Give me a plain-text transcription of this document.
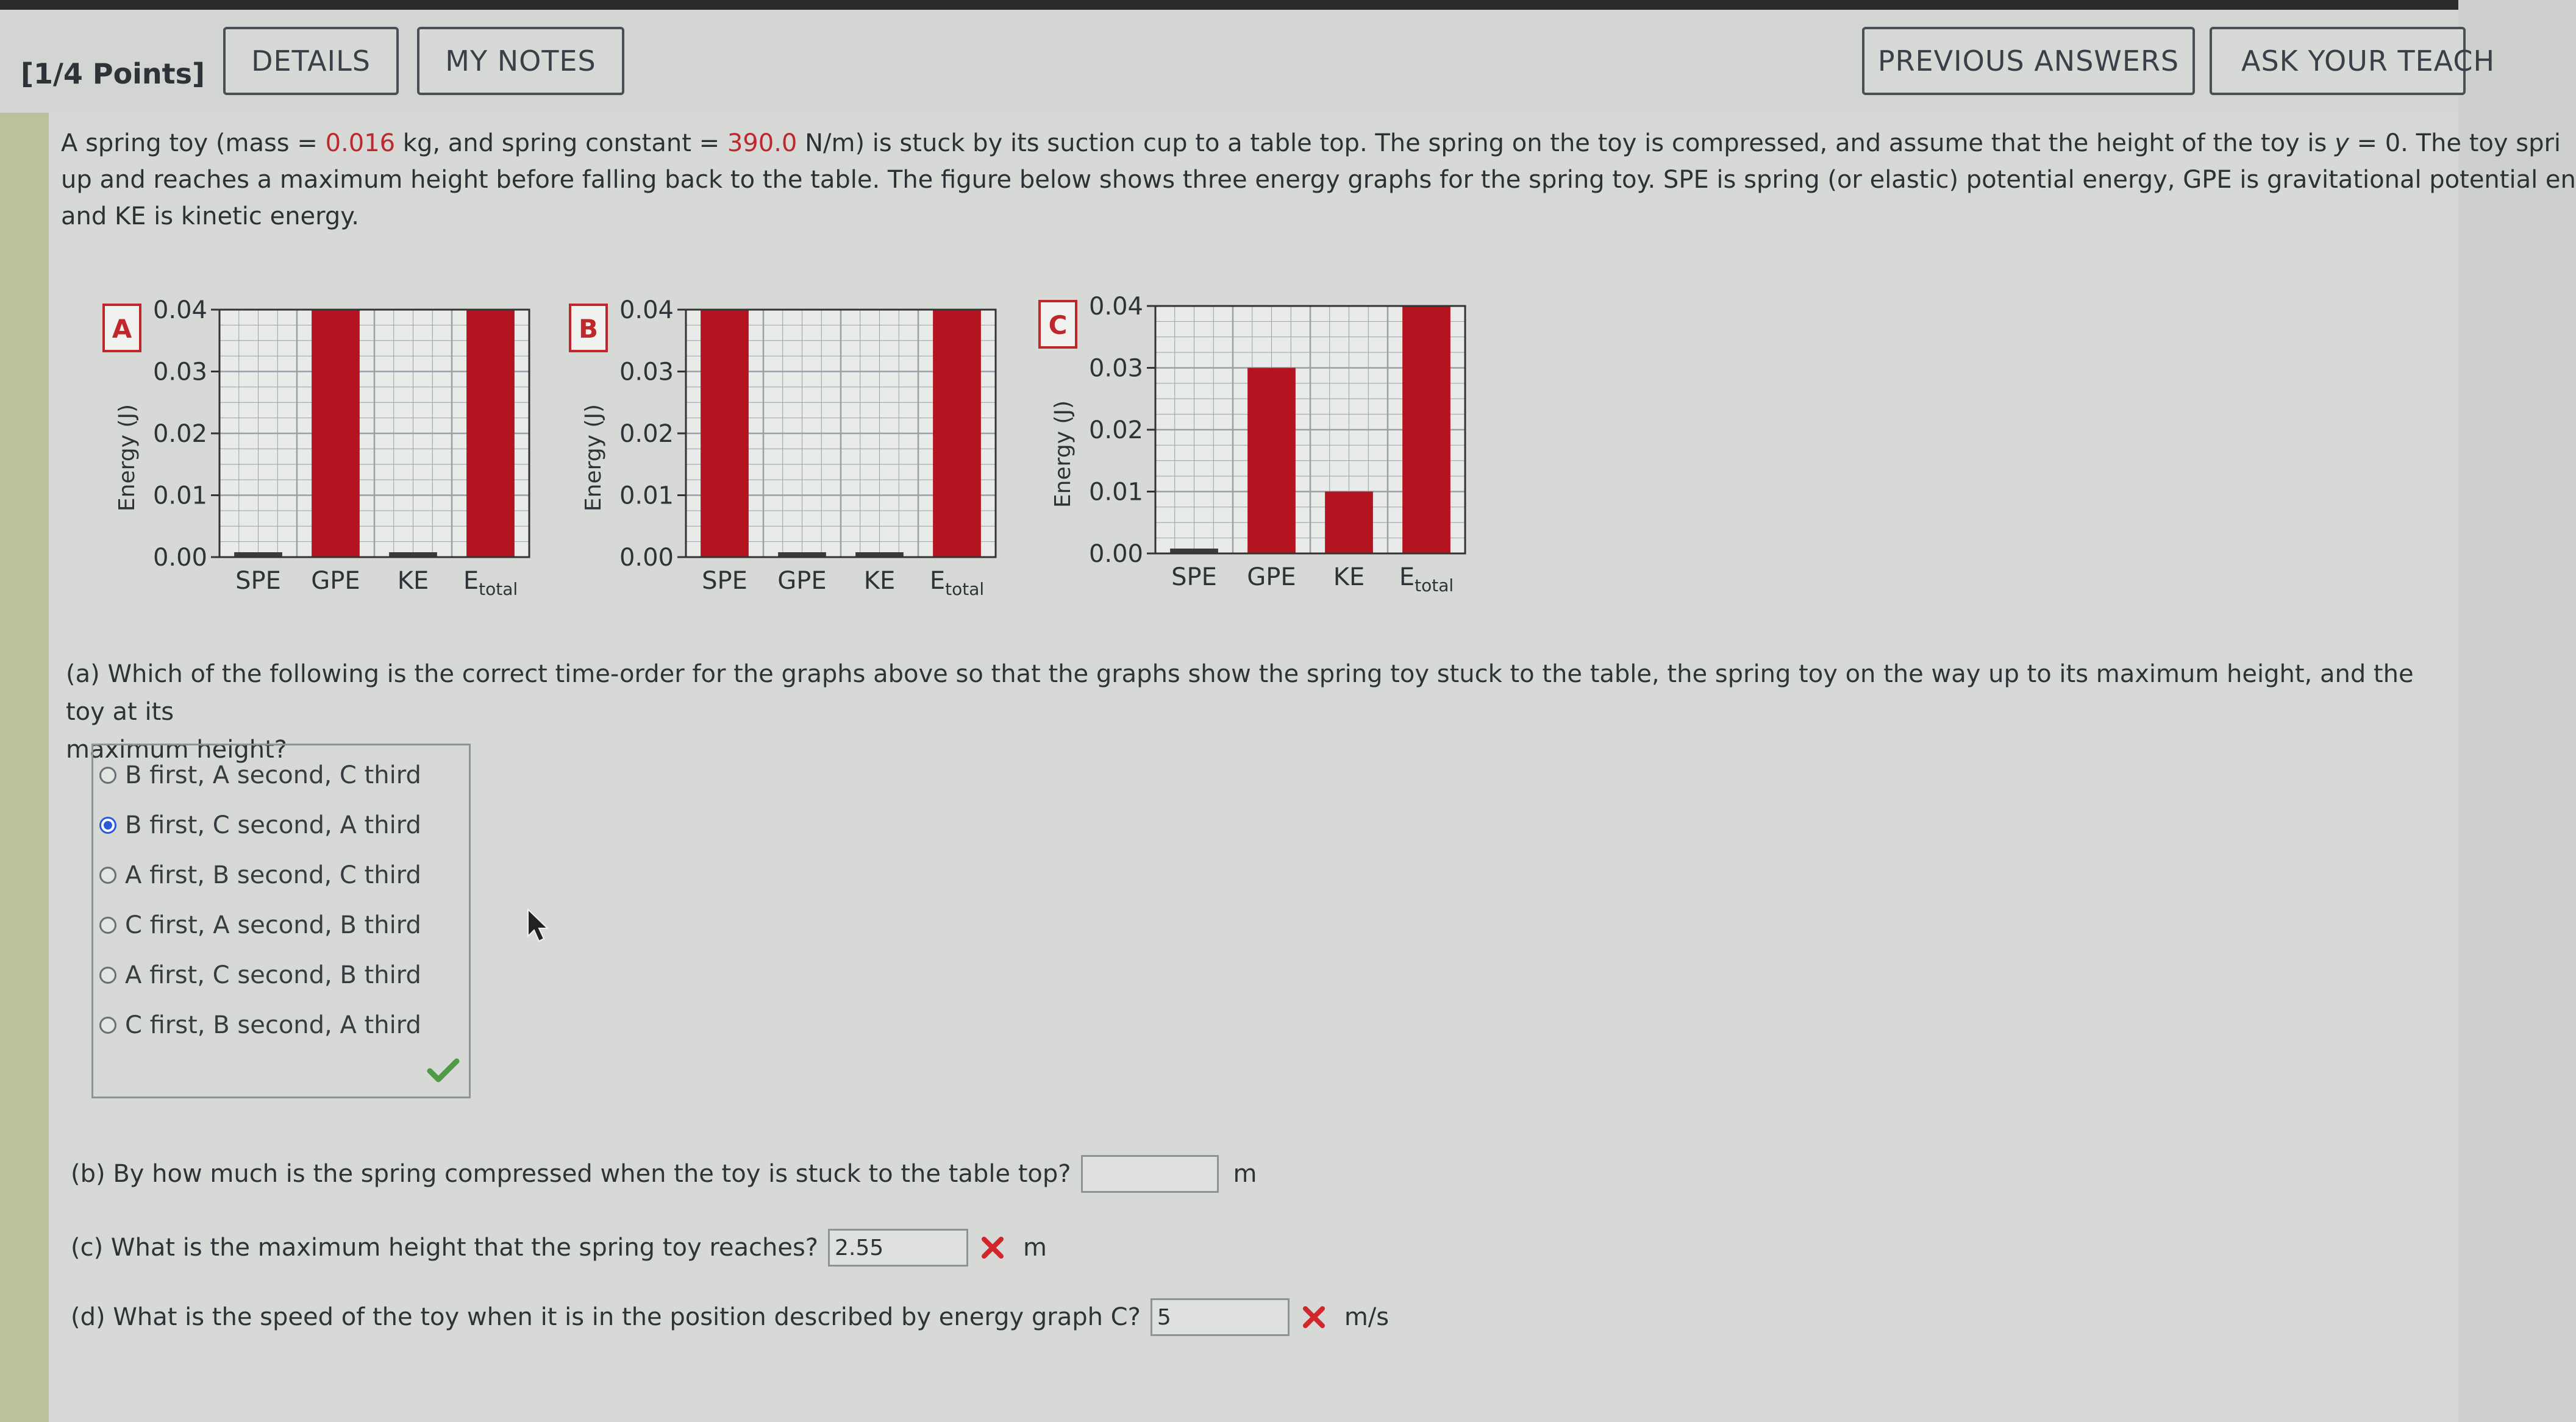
[1/4 Points]	DETAILS	MY NOTES	PREVIOUS ANSWERS	ASK YOUR TEACH
A spring toy (mass = 0.016 kg, and spring constant = 390.0 N/m) is stuck by its suction cup to a table top. The spring on the toy is compressed, and assume that the height of the toy is y = 0. The toy spri
up and reaches a maximum height before falling back to the table. The figure below shows three energy graphs for the spring toy. SPE is spring (or elastic) potential energy, GPE is gravitational potential en
and KE is kinetic energy.
0.00
0.01
0.02
0.03
0.04
SPE GPE KE $E_{total}$
Energy (J)
A
0.00
0.01
0.02
0.03
0.04
SPE GPE KE $E_{total}$
Energy (J)
B
0.00
0.01
0.02
0.03
0.04
SPE GPE KE $E_{total}$
Energy (J)
C
(a) Which of the following is the correct time-order for the graphs above so that the graphs show the spring toy stuck to the table, the spring toy on the way up to its maximum height, and the toy at its
maximum height?
B first, A second, C third
B first, C second, A third
A first, B second, C third
C first, A second, B third
A first, C second, B third
C first, B second, A third
(b) By how much is the spring compressed when the toy is stuck to the table top?	m
(c) What is the maximum height that the spring toy reaches? 2.55	m
(d) What is the speed of the toy when it is in the position described by energy graph C? 5	m/s
